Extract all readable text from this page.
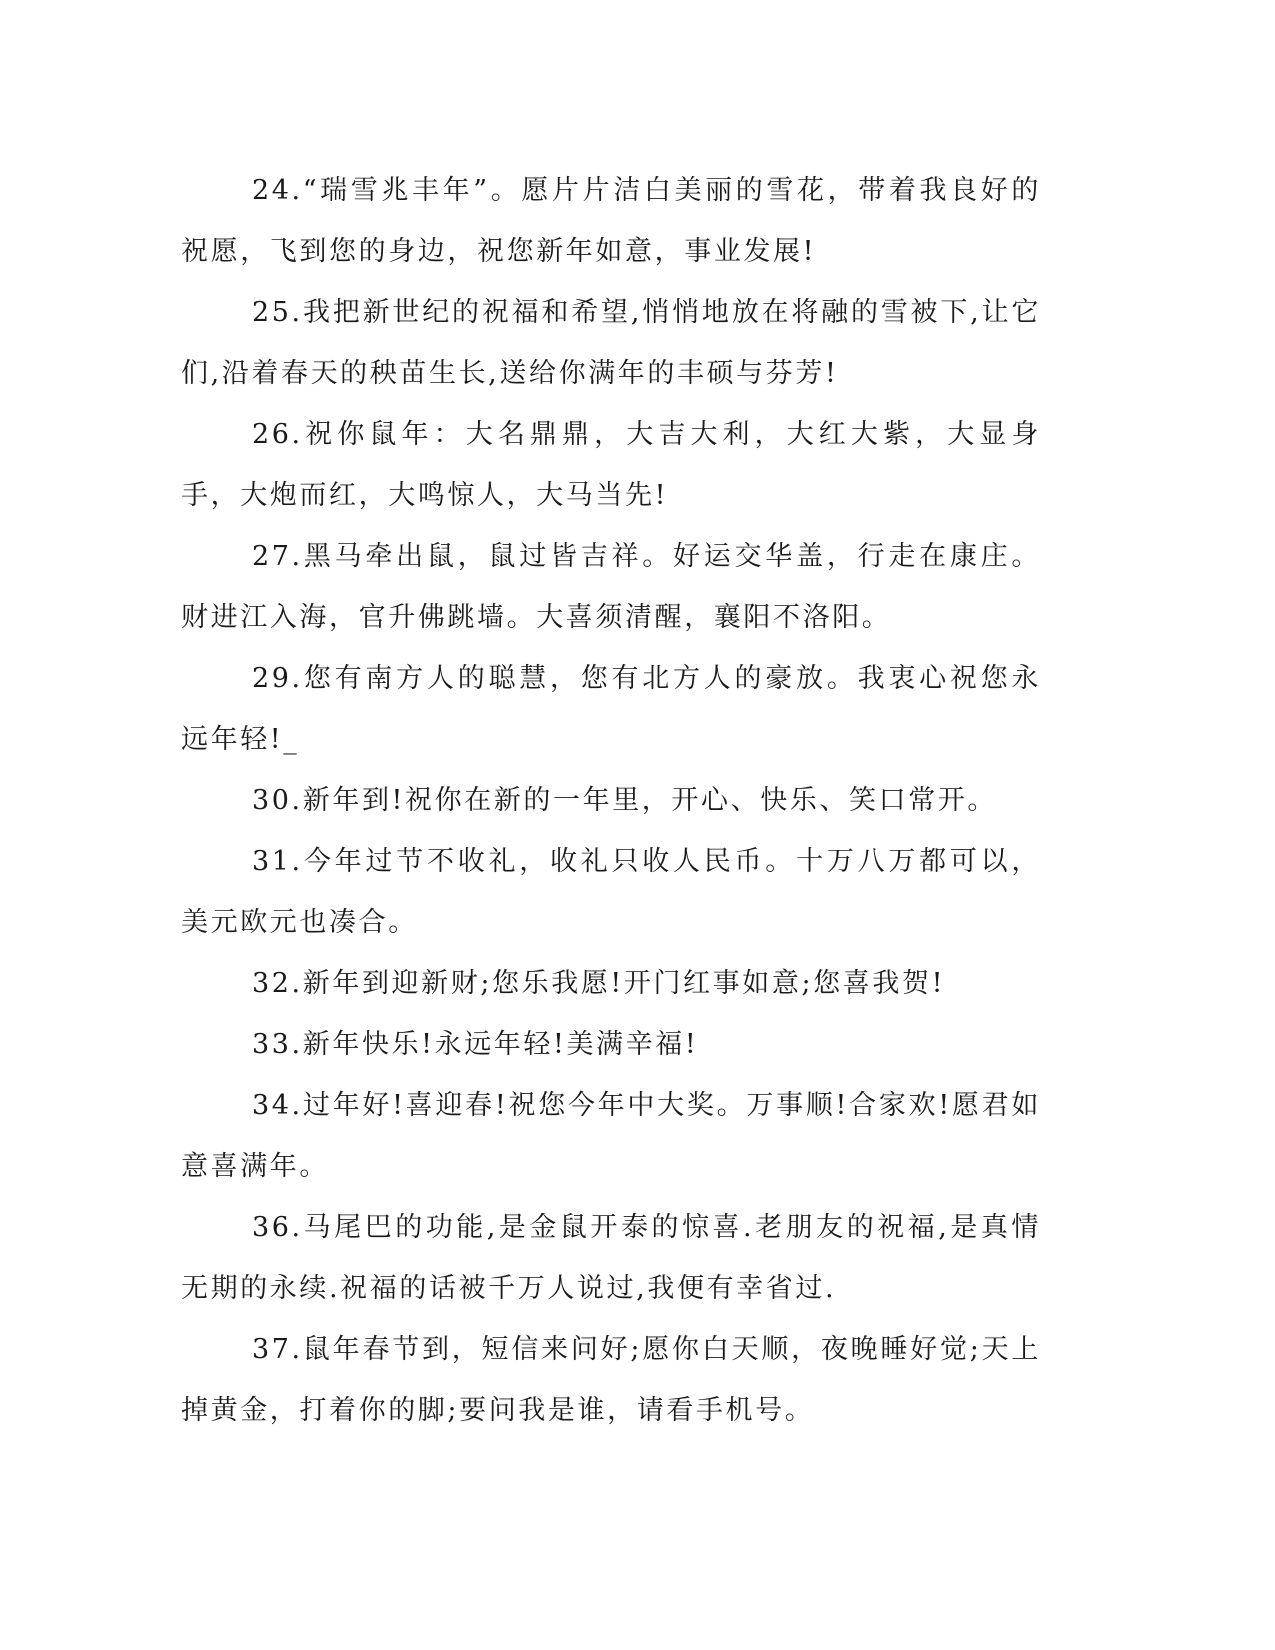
24.“瑞雪兆丰年”。愿片片洁白美丽的雪花，带着我良好的祝愿，飞到您的身边，祝您新年如意，事业发展!

25.我把新世纪的祝福和希望,悄悄地放在将融的雪被下,让它们,沿着春天的秧苗生长,送给你满年的丰硕与芬芳!

26.祝你鼠年：大名鼎鼎，大吉大利，大红大紫，大显身手，大炮而红，大鸣惊人，大马当先!

27.黑马牵出鼠，鼠过皆吉祥。好运交华盖，行走在康庄。财进江入海，官升佛跳墙。大喜须清醒，襄阳不洛阳。

29.您有南方人的聪慧，您有北方人的豪放。我衷心祝您永远年轻!_

30.新年到!祝你在新的一年里，开心、快乐、笑口常开。

31.今年过节不收礼，收礼只收人民币。十万八万都可以，美元欧元也凑合。

32.新年到迎新财;您乐我愿!开门红事如意;您喜我贺!

33.新年快乐!永远年轻!美满辛福!

34.过年好!喜迎春!祝您今年中大奖。万事顺!合家欢!愿君如意喜满年。

36.马尾巴的功能,是金鼠开泰的惊喜.老朋友的祝福,是真情无期的永续.祝福的话被千万人说过,我便有幸省过.

37.鼠年春节到，短信来问好;愿你白天顺，夜晚睡好觉;天上掉黄金，打着你的脚;要问我是谁，请看手机号。
